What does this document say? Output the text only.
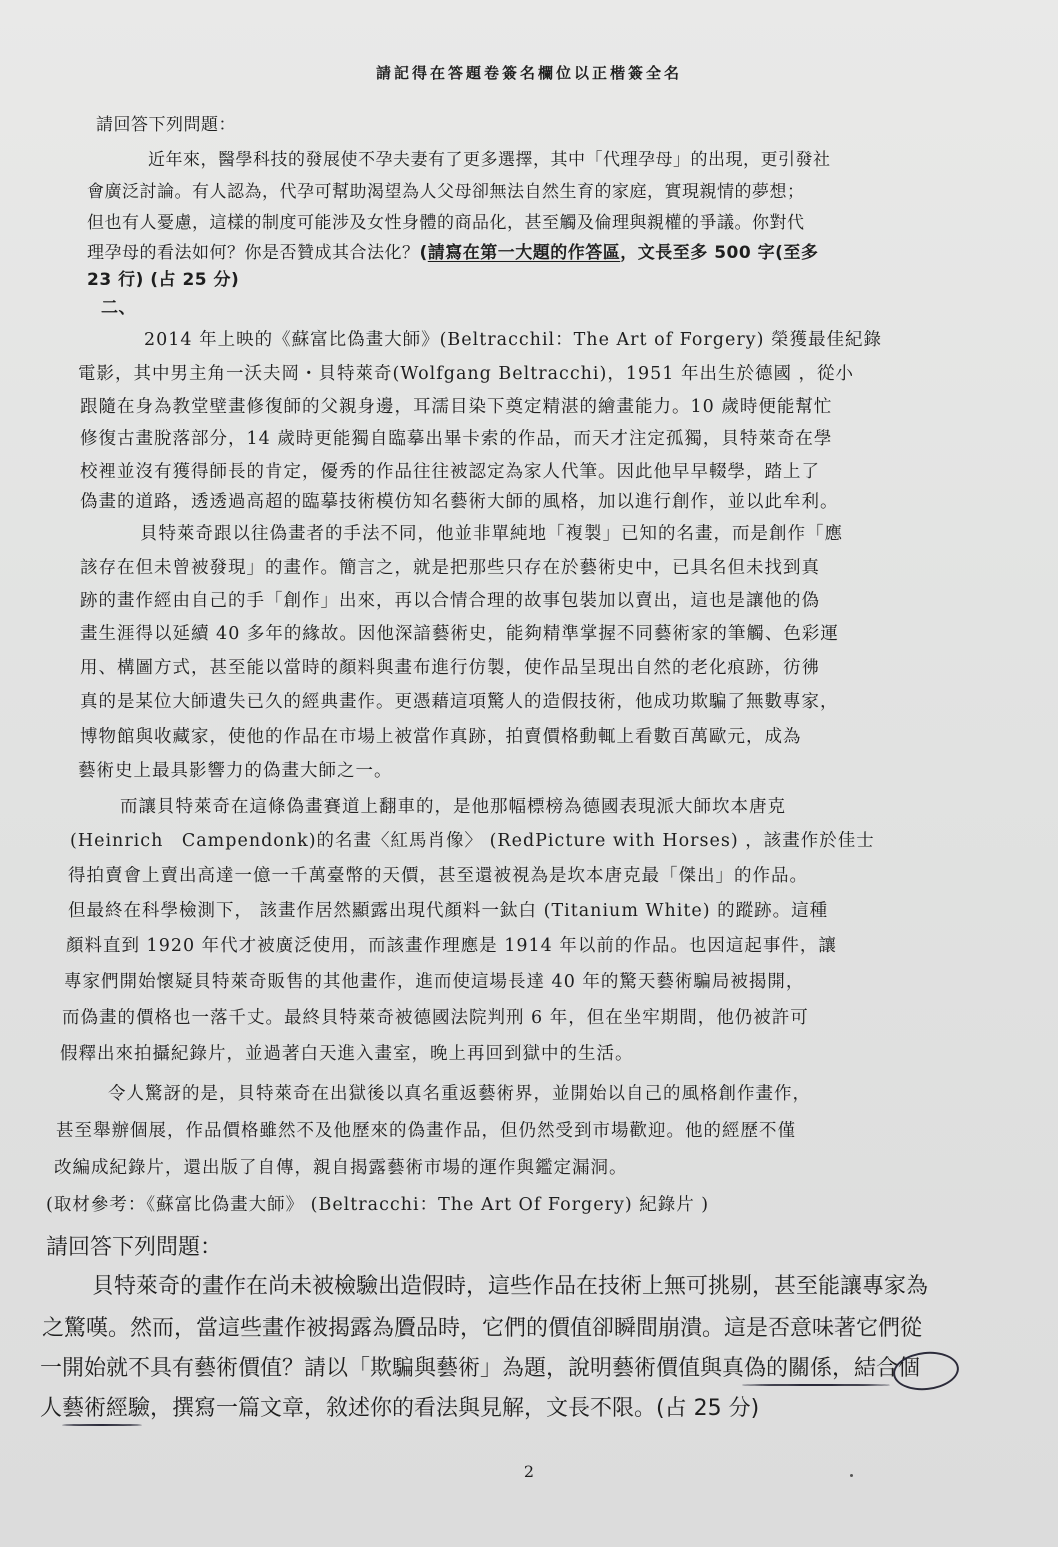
請記得在答題卷簽名欄位以正楷簽全名
請回答下列問題：
近年來，醫學科技的發展使不孕夫妻有了更多選擇，其中「代理孕母」的出現，更引發社
會廣泛討論。有人認為，代孕可幫助渴望為人父母卻無法自然生育的家庭，實現親情的夢想；
但也有人憂慮，這樣的制度可能涉及女性身體的商品化，甚至觸及倫理與親權的爭議。你對代
理孕母的看法如何？你是否贊成其合法化？(請寫在第一大題的作答區，文長至多 500 字(至多
23 行) (占 25 分)
二、
2014 年上映的《蘇富比偽畫大師》(Beltracchil：The Art of Forgery) 榮獲最佳紀錄
電影，其中男主角一沃夫岡・貝特萊奇(Wolfgang Beltracchi)，1951 年出生於德國 ，從小
跟隨在身為教堂壁畫修復師的父親身邊，耳濡目染下奠定精湛的繪畫能力。10 歲時便能幫忙
修復古畫脫落部分，14 歲時更能獨自臨摹出畢卡索的作品，而天才注定孤獨，貝特萊奇在學
校裡並沒有獲得師長的肯定，優秀的作品往往被認定為家人代筆。因此他早早輟學，踏上了
偽畫的道路，透透過高超的臨摹技術模仿知名藝術大師的風格，加以進行創作，並以此牟利。
貝特萊奇跟以往偽畫者的手法不同，他並非單純地「複製」已知的名畫，而是創作「應
該存在但未曾被發現」的畫作。簡言之，就是把那些只存在於藝術史中，已具名但未找到真
跡的畫作經由自己的手「創作」出來，再以合情合理的故事包裝加以賣出，這也是讓他的偽
畫生涯得以延續 40 多年的緣故。因他深諳藝術史，能夠精準掌握不同藝術家的筆觸、色彩運
用、構圖方式，甚至能以當時的顏料與畫布進行仿製，使作品呈現出自然的老化痕跡，彷彿
真的是某位大師遺失已久的經典畫作。更憑藉這項驚人的造假技術，他成功欺騙了無數專家，
博物館與收藏家，使他的作品在市場上被當作真跡，拍賣價格動輒上看數百萬歐元，成為
藝術史上最具影響力的偽畫大師之一。
而讓貝特萊奇在這條偽畫賽道上翻車的，是他那幅標榜為德國表現派大師坎本唐克
(Heinrich　Campendonk)的名畫〈紅馬肖像〉 (RedPicture with Horses) ，該畫作於佳士
得拍賣會上賣出高達一億一千萬臺幣的天價，甚至還被視為是坎本唐克最「傑出」的作品。
但最終在科學檢測下， 該畫作居然顯露出現代顏料一鈦白 (Titanium White) 的蹤跡。這種
顏料直到 1920 年代才被廣泛使用，而該畫作理應是 1914 年以前的作品。也因這起事件，讓
專家們開始懷疑貝特萊奇販售的其他畫作，進而使這場長達 40 年的驚天藝術騙局被揭開，
而偽畫的價格也一落千丈。最終貝特萊奇被德國法院判刑 6 年，但在坐牢期間，他仍被許可
假釋出來拍攝紀錄片，並過著白天進入畫室，晚上再回到獄中的生活。
令人驚訝的是，貝特萊奇在出獄後以真名重返藝術界，並開始以自己的風格創作畫作，
甚至舉辦個展，作品價格雖然不及他歷來的偽畫作品，但仍然受到市場歡迎。他的經歷不僅
改編成紀錄片，還出版了自傳，親自揭露藝術市場的運作與鑑定漏洞。
(取材參考：《蘇富比偽畫大師》 (Beltracchi：The Art Of Forgery) 紀錄片 )
請回答下列問題：
貝特萊奇的畫作在尚未被檢驗出造假時，這些作品在技術上無可挑剔，甚至能讓專家為
之驚嘆。然而，當這些畫作被揭露為贗品時，它們的價值卻瞬間崩潰。這是否意味著它們從
一開始就不具有藝術價值？請以「欺騙與藝術」為題，說明藝術價值與真偽的關係，結合個
人藝術經驗，撰寫一篇文章，敘述你的看法與見解，文長不限。(占 25 分)
2
